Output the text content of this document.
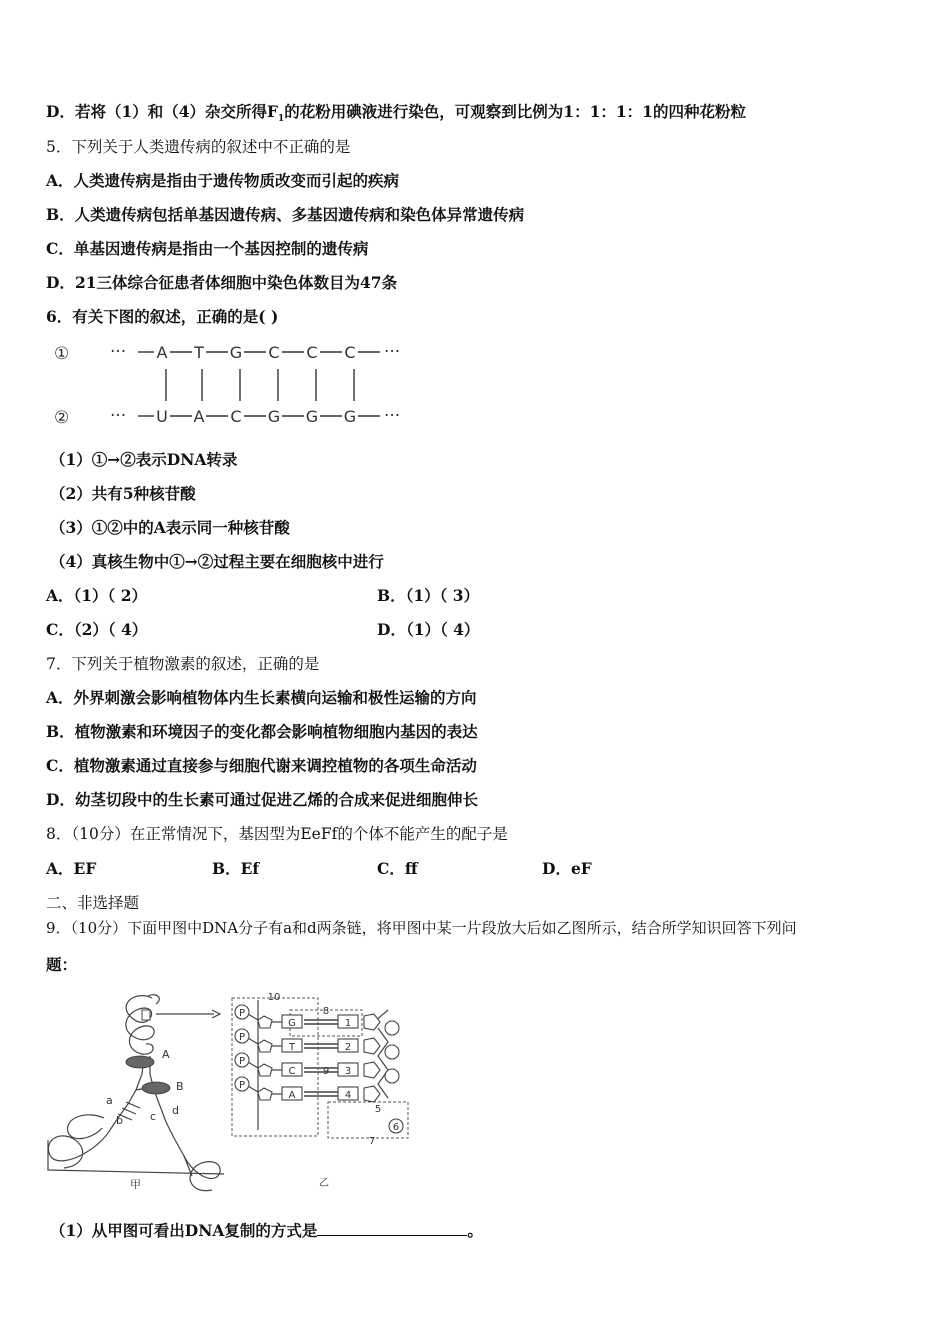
D．若将（1）和（4）杂交所得$F_1$的花粉用碘液进行染色，可观察到比例为1：1：1：1的四种花粉粒
5．下列关于人类遗传病的叙述中不正确的是
A．人类遗传病是指由于遗传物质改变而引起的疾病
B．人类遗传病包括单基因遗传病、多基因遗传病和染色体异常遗传病
C．单基因遗传病是指由一个基因控制的遗传病
D．21三体综合征患者体细胞中染色体数目为47条
6．有关下图的叙述，正确的是( )
①
②
···
···
···
···
A T G C C C
U A C G G G
（1）①→②表示DNA转录
（2）共有5种核苷酸
（3）①②中的A表示同一种核苷酸
（4）真核生物中①→②过程主要在细胞核中进行
A．（1）（ 2）	B．（1）（ 3）
C．（2）（ 4）	D．（1）（ 4）
7．下列关于植物激素的叙述，正确的是
A．外界刺激会影响植物体内生长素横向运输和极性运输的方向
B．植物激素和环境因子的变化都会影响植物细胞内基因的表达
C．植物激素通过直接参与细胞代谢来调控植物的各项生命活动
D．幼茎切段中的生长素可通过促进乙烯的合成来促进细胞伸长
8．（10分）在正常情况下，基因型为EeFf的个体不能产生的配子是
A．EF	B．Ef	C．ff	D．eF
二、非选择题
9．（10分）下面甲图中DNA分子有a和d两条链，将甲图中某一片段放大后如乙图所示，结合所学知识回答下列问
题：
A
B
a
b c d
甲
P
P
P
P
G
T
C
A
1
2
3
4
10
8
9
5
6
7
乙
（1）从甲图可看出DNA复制的方式是	。
